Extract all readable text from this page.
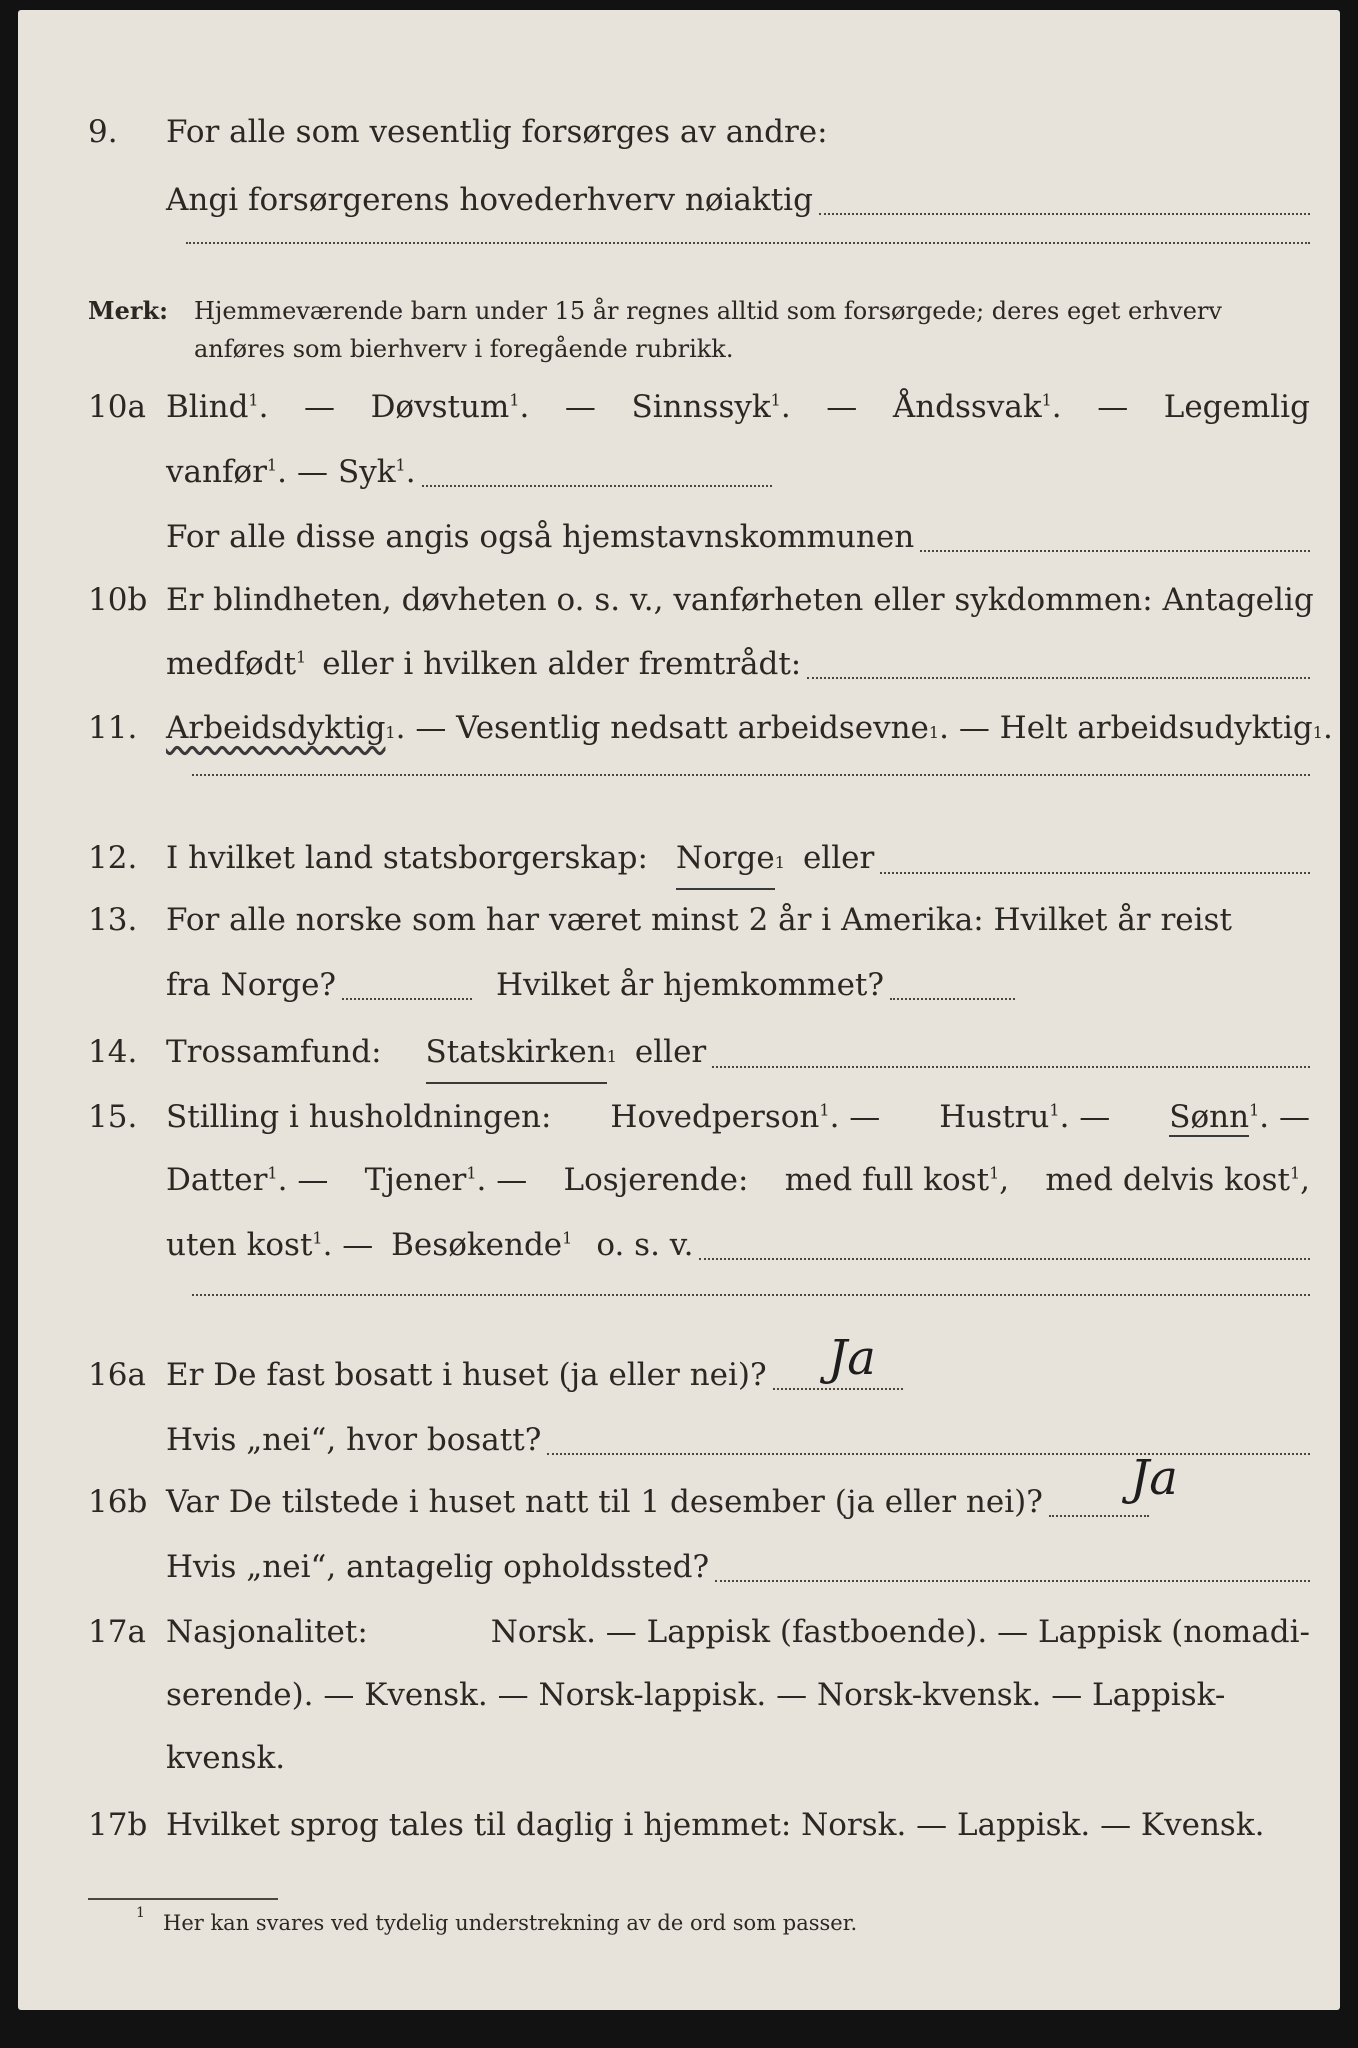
9. For alle som vesentlig forsørges av andre:
Angi forsørgerens hovederhverv nøiaktig
Merk: Hjemmeværende barn under 15 år regnes alltid som forsørgede; deres eget erhverv
anføres som bierhverv i foregående rubrikk.
10a Blind$^1$. — Døvstum$^1$. — Sinnssyk$^1$. — Åndssvak$^1$. — Legemlig
vanfør$^1$. — Syk$^1$.
For alle disse angis også hjemstavnskommunen
10b Er blindheten, døvheten o. s. v., vanførheten eller sykdommen: Antagelig
medfødt$^1$ eller i hvilken alder fremtrådt:
11. Arbeidsdyktig 1 . — Vesentlig nedsatt arbeidsevne 1 . — Helt arbeidsudyktig 1 .
12. I hvilket land statsborgerskap: Norge 1 eller
13. For alle norske som har været minst 2 år i Amerika: Hvilket år reist
fra Norge?	Hvilket år hjemkommet?
14. Trossamfund: Statskirken 1 eller
15. Stilling i husholdningen: Hovedperson$^1$. — Hustru$^1$. — Sønn$^1$. —
Datter$^1$. — Tjener$^1$. — Losjerende: med full kost$^1$, med delvis kost$^1$,
uten kost$^1$. — Besøkende$^1$ o. s. v.
16a Er De fast bosatt i huset (ja eller nei)? Ja
Hvis „nei“, hvor bosatt?
16b Var De tilstede i huset natt til 1 desember (ja eller nei)? Ja
Hvis „nei“, antagelig opholdssted?
17a Nasjonalitet:	Norsk. — Lappisk (fastboende). — Lappisk (nomadi-
serende). — Kvensk. — Norsk-lappisk. — Norsk-kvensk. — Lappisk-
kvensk.
17b Hvilket sprog tales til daglig i hjemmet: Norsk. — Lappisk. — Kvensk.
1 Her kan svares ved tydelig understrekning av de ord som passer.
